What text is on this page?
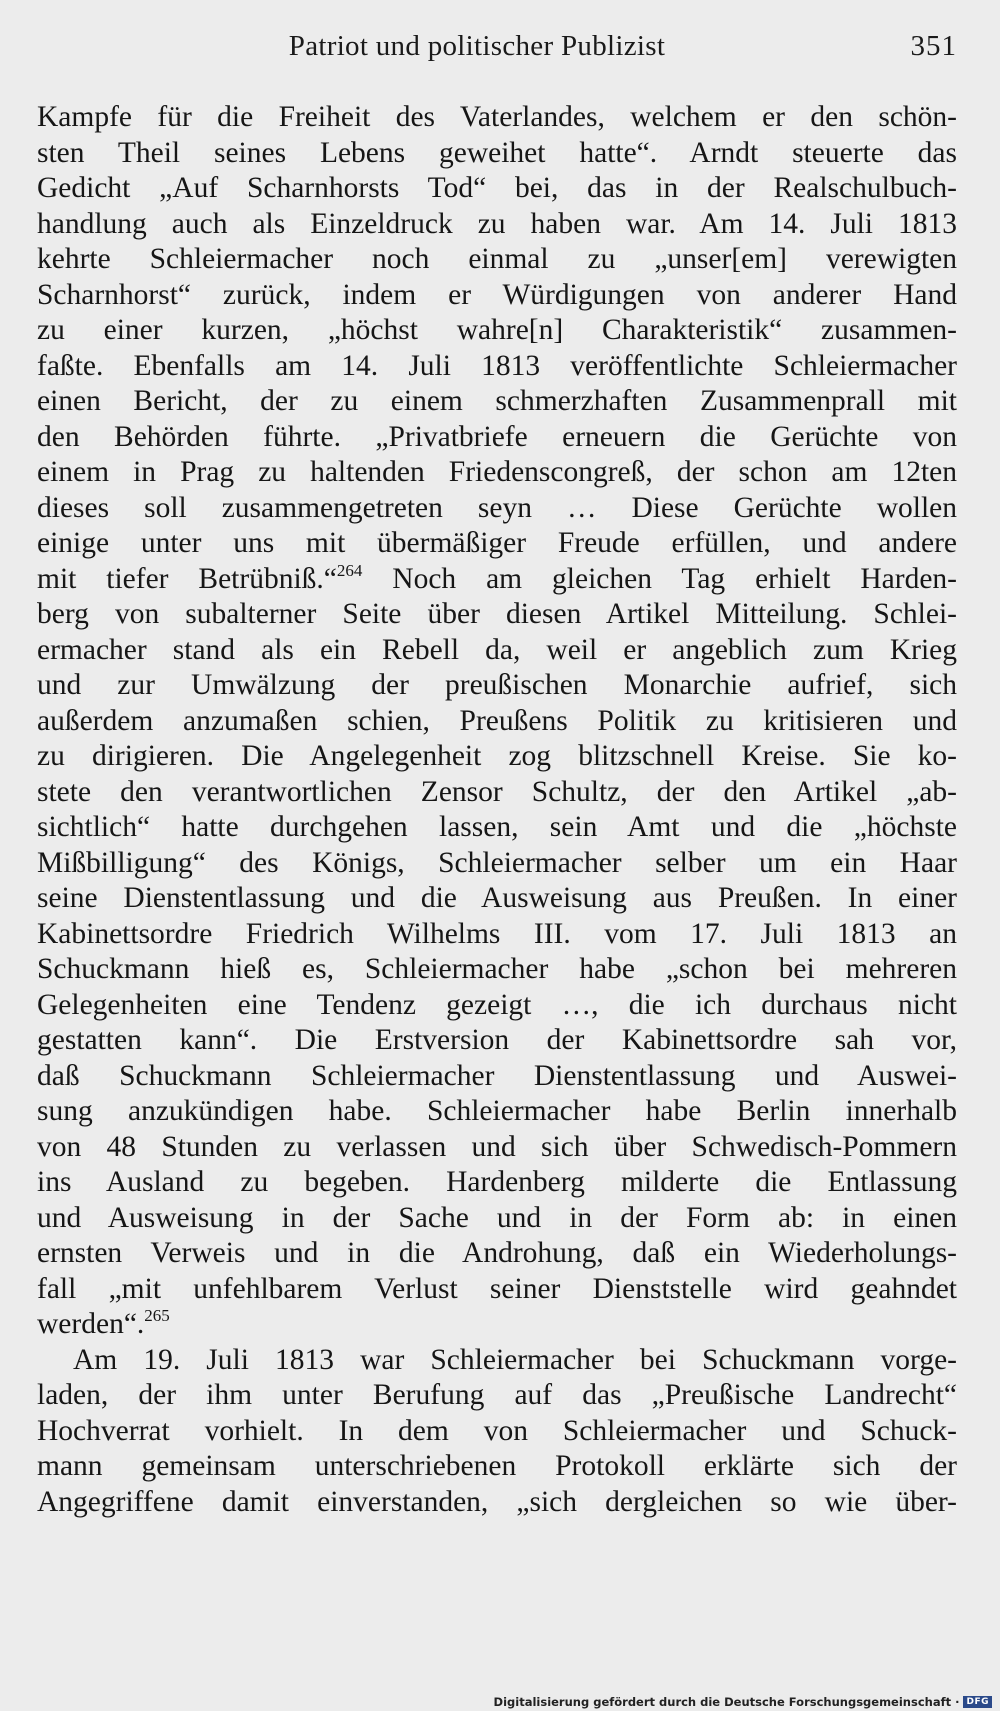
Patriot und politischer Publizist	351
Kampfe für die Freiheit des Vaterlandes, welchem er den schön-
sten Theil seines Lebens geweihet hatte“. Arndt steuerte das
Gedicht „Auf Scharnhorsts Tod“ bei, das in der Realschulbuch-
handlung auch als Einzeldruck zu haben war. Am 14. Juli 1813
kehrte Schleiermacher noch einmal zu „unser[em] verewigten
Scharnhorst“ zurück, indem er Würdigungen von anderer Hand
zu einer kurzen, „höchst wahre[n] Charakteristik“ zusammen-
faßte. Ebenfalls am 14. Juli 1813 veröffentlichte Schleiermacher
einen Bericht, der zu einem schmerzhaften Zusammenprall mit
den Behörden führte. „Privatbriefe erneuern die Gerüchte von
einem in Prag zu haltenden Friedenscongreß, der schon am 12ten
dieses soll zusammengetreten seyn … Diese Gerüchte wollen
einige unter uns mit übermäßiger Freude erfüllen, und andere
mit tiefer Betrübniß.“$^{264}$ Noch am gleichen Tag erhielt Harden-
berg von subalterner Seite über diesen Artikel Mitteilung. Schlei-
ermacher stand als ein Rebell da, weil er angeblich zum Krieg
und zur Umwälzung der preußischen Monarchie aufrief, sich
außerdem anzumaßen schien, Preußens Politik zu kritisieren und
zu dirigieren. Die Angelegenheit zog blitzschnell Kreise. Sie ko-
stete den verantwortlichen Zensor Schultz, der den Artikel „ab-
sichtlich“ hatte durchgehen lassen, sein Amt und die „höchste
Mißbilligung“ des Königs, Schleiermacher selber um ein Haar
seine Dienstentlassung und die Ausweisung aus Preußen. In einer
Kabinettsordre Friedrich Wilhelms III. vom 17. Juli 1813 an
Schuckmann hieß es, Schleiermacher habe „schon bei mehreren
Gelegenheiten eine Tendenz gezeigt …, die ich durchaus nicht
gestatten kann“. Die Erstversion der Kabinettsordre sah vor,
daß Schuckmann Schleiermacher Dienstentlassung und Auswei-
sung anzukündigen habe. Schleiermacher habe Berlin innerhalb
von 48 Stunden zu verlassen und sich über Schwedisch-Pommern
ins Ausland zu begeben. Hardenberg milderte die Entlassung
und Ausweisung in der Sache und in der Form ab: in einen
ernsten Verweis und in die Androhung, daß ein Wiederholungs-
fall „mit unfehlbarem Verlust seiner Dienststelle wird geahndet
werden“.$^{265}$
Am 19. Juli 1813 war Schleiermacher bei Schuckmann vorge-
laden, der ihm unter Berufung auf das „Preußische Landrecht“
Hochverrat vorhielt. In dem von Schleiermacher und Schuck-
mann gemeinsam unterschriebenen Protokoll erklärte sich der
Angegriffene damit einverstanden, „sich dergleichen so wie über-
Digitalisierung gefördert durch die Deutsche Forschungsgemeinschaft · DFG
